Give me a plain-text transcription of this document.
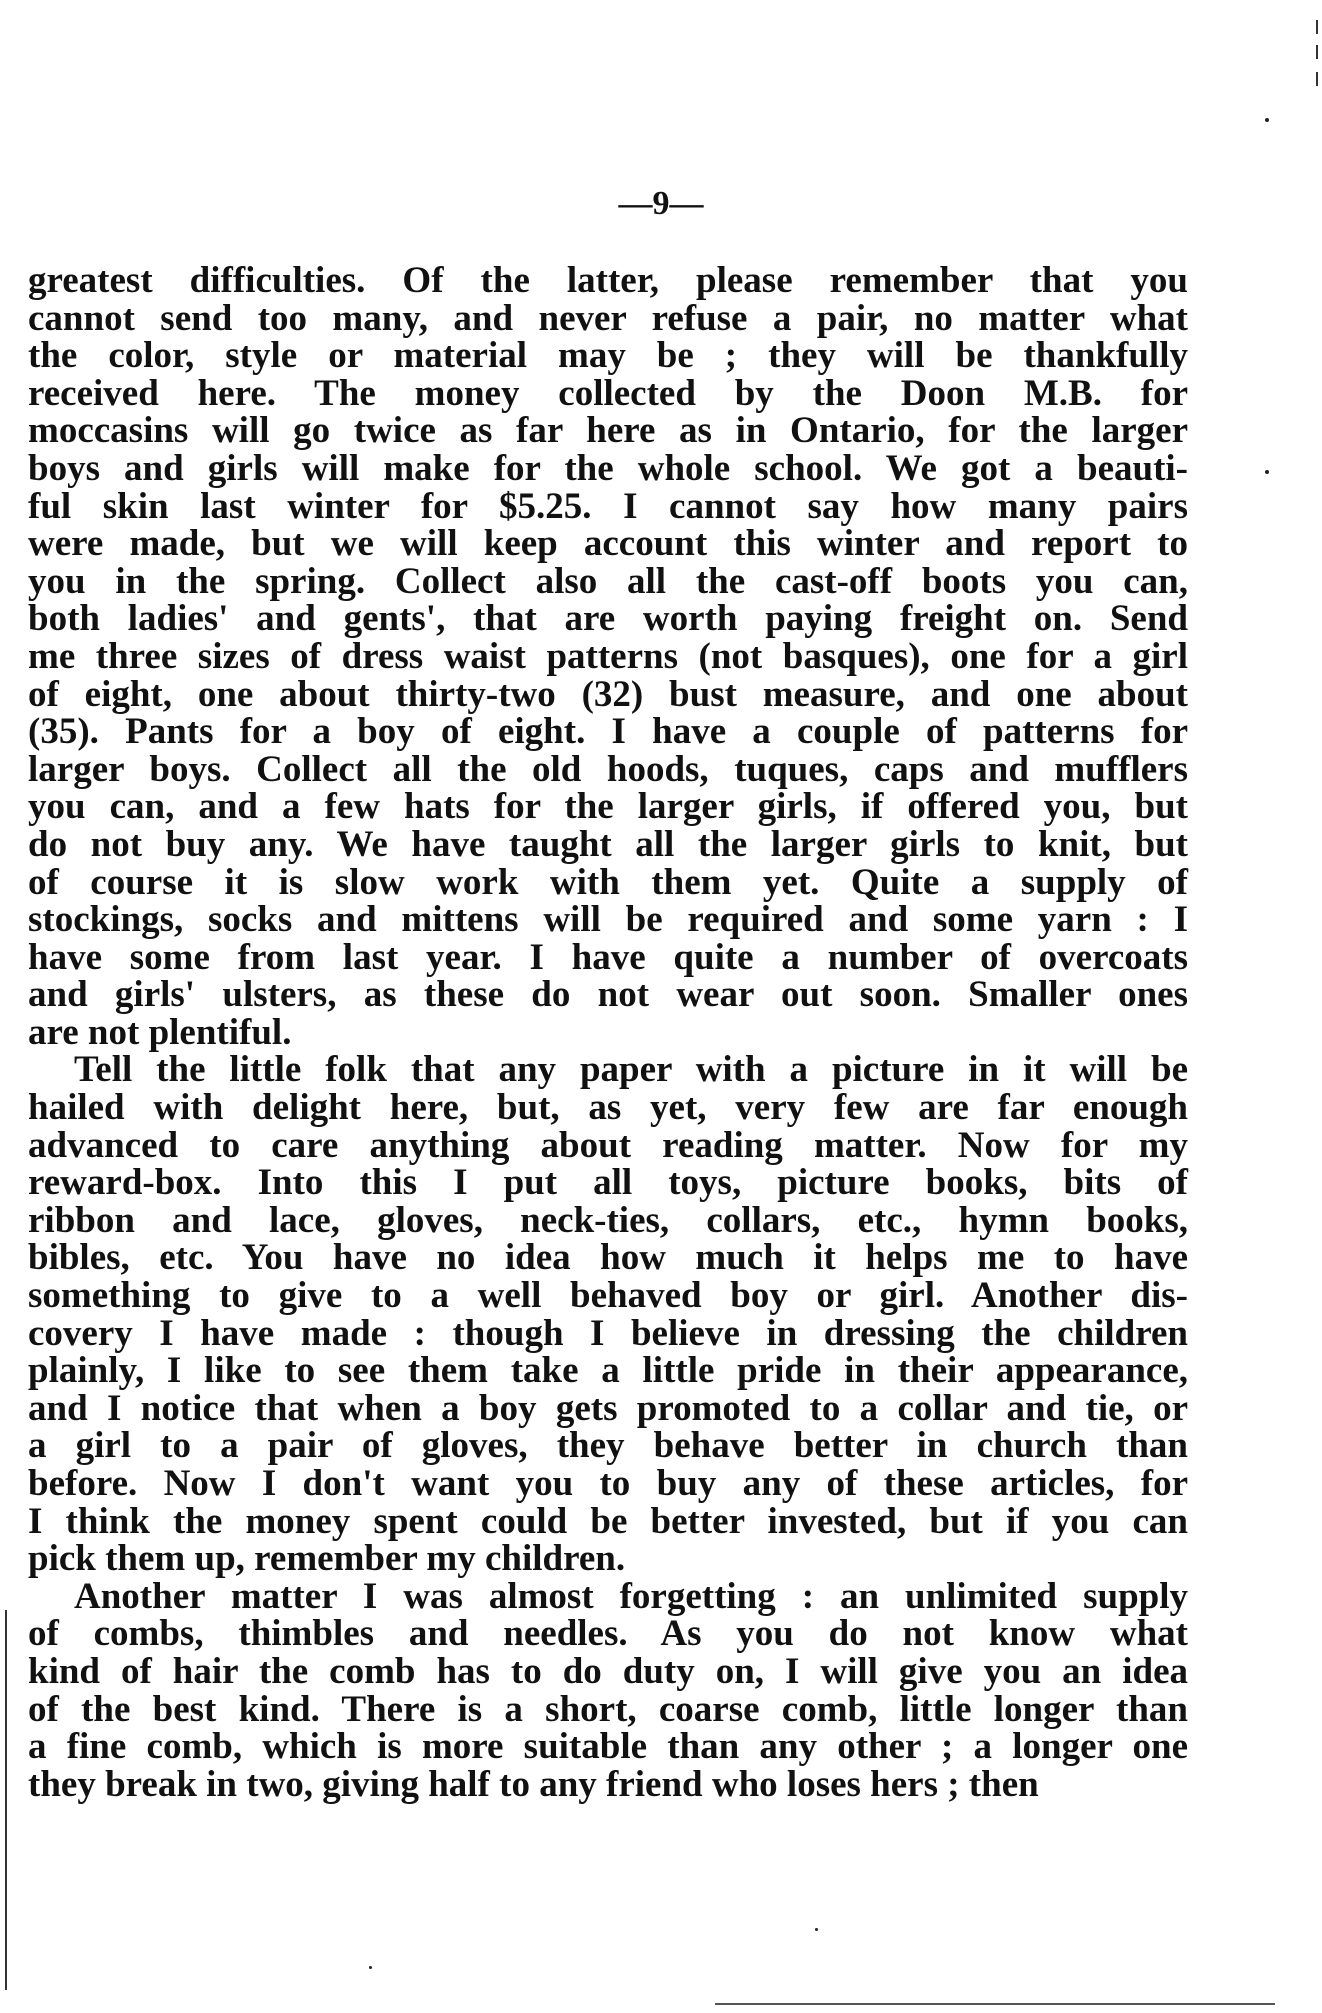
—9—
greatest difficulties. Of the latter, please remember that you
cannot send too many, and never refuse a pair, no matter what
the color, style or material may be ; they will be thankfully
received here. The money collected by the Doon M.B. for
moccasins will go twice as far here as in Ontario, for the larger
boys and girls will make for the whole school. We got a beauti-
ful skin last winter for $5.25. I cannot say how many pairs
were made, but we will keep account this winter and report to
you in the spring. Collect also all the cast-off boots you can,
both ladies' and gents', that are worth paying freight on. Send
me three sizes of dress waist patterns (not basques), one for a girl
of eight, one about thirty-two (32) bust measure, and one about
(35). Pants for a boy of eight. I have a couple of patterns for
larger boys. Collect all the old hoods, tuques, caps and mufflers
you can, and a few hats for the larger girls, if offered you, but
do not buy any. We have taught all the larger girls to knit, but
of course it is slow work with them yet. Quite a supply of
stockings, socks and mittens will be required and some yarn : I
have some from last year. I have quite a number of overcoats
and girls' ulsters, as these do not wear out soon. Smaller ones
are not plentiful.
Tell the little folk that any paper with a picture in it will be
hailed with delight here, but, as yet, very few are far enough
advanced to care anything about reading matter. Now for my
reward-box. Into this I put all toys, picture books, bits of
ribbon and lace, gloves, neck-ties, collars, etc., hymn books,
bibles, etc. You have no idea how much it helps me to have
something to give to a well behaved boy or girl. Another dis-
covery I have made : though I believe in dressing the children
plainly, I like to see them take a little pride in their appearance,
and I notice that when a boy gets promoted to a collar and tie, or
a girl to a pair of gloves, they behave better in church than
before. Now I don't want you to buy any of these articles, for
I think the money spent could be better invested, but if you can
pick them up, remember my children.
Another matter I was almost forgetting : an unlimited supply
of combs, thimbles and needles. As you do not know what
kind of hair the comb has to do duty on, I will give you an idea
of the best kind. There is a short, coarse comb, little longer than
a fine comb, which is more suitable than any other ; a longer one
they break in two, giving half to any friend who loses hers ; then
